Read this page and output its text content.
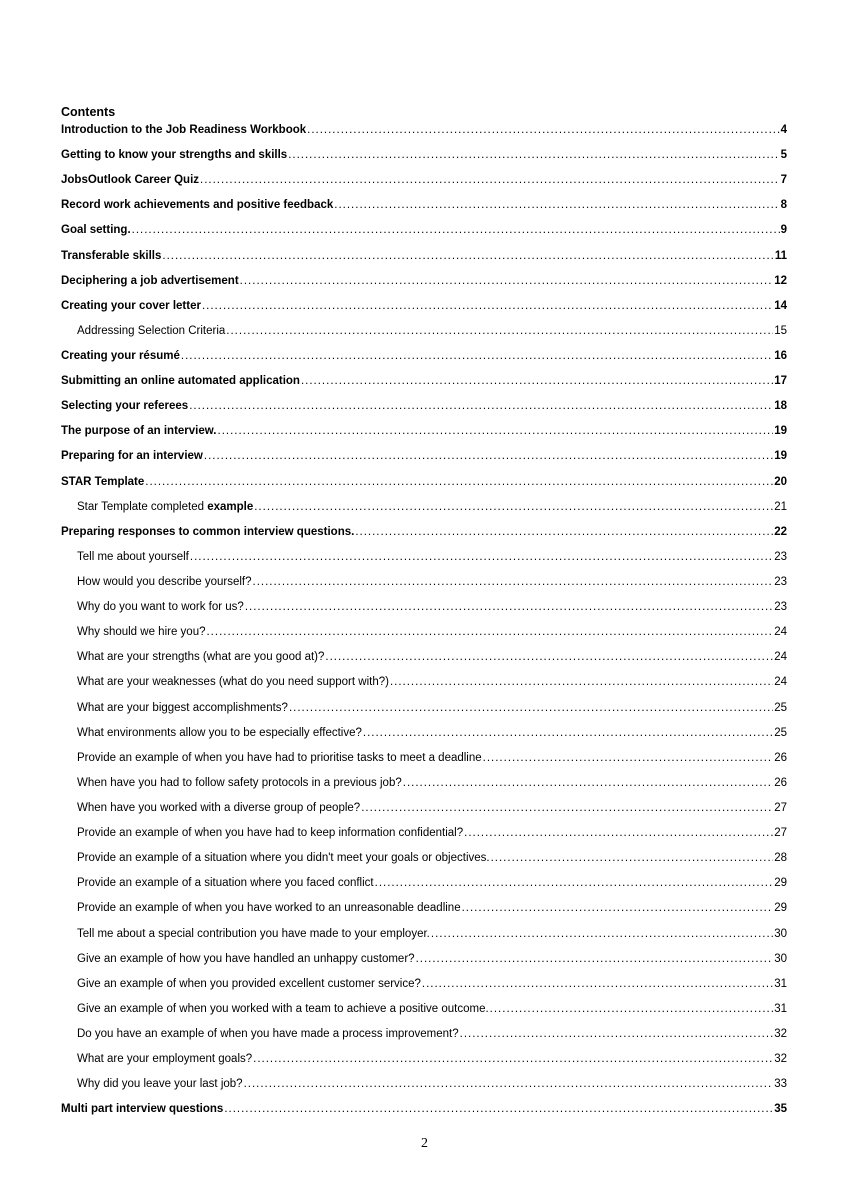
Contents
Introduction to the Job Readiness Workbook .....	4
Getting to know your strengths and skills .....	5
JobsOutlook Career Quiz .....	7
Record work achievements and positive feedback .....	8
Goal setting. .....	9
Transferable skills .....	11
Deciphering a job advertisement .....	12
Creating your cover letter .....	14
Addressing Selection Criteria .....	15
Creating your résumé .....	16
Submitting an online automated application .....	17
Selecting your referees .....	18
The purpose of an interview. .....	19
Preparing for an interview .....	19
STAR Template .....	20
Star Template completed example .....	21
Preparing responses to common interview questions. .....	22
Tell me about yourself .....	23
How would you describe yourself? .....	23
Why do you want to work for us? .....	23
Why should we hire you? .....	24
What are your strengths (what are you good at)? .....	24
What are your weaknesses (what do you need support with?) .....	24
What are your biggest accomplishments? .....	25
What environments allow you to be especially effective? .....	25
Provide an example of when you have had to prioritise tasks to meet a deadline .....	26
When have you had to follow safety protocols in a previous job? .....	26
When have you worked with a diverse group of people? .....	27
Provide an example of when you have had to keep information confidential? .....	27
Provide an example of a situation where you didn't meet your goals or objectives. .....	28
Provide an example of a situation where you faced conflict .....	29
Provide an example of when you have worked to an unreasonable deadline .....	29
Tell me about a special contribution you have made to your employer. .....	30
Give an example of how you have handled an unhappy customer? .....	30
Give an example of when you provided excellent customer service? .....	31
Give an example of when you worked with a team to achieve a positive outcome. .....	31
Do you have an example of when you have made a process improvement? .....	32
What are your employment goals? .....	32
Why did you leave your last job? .....	33
Multi part interview questions .....	35
2
